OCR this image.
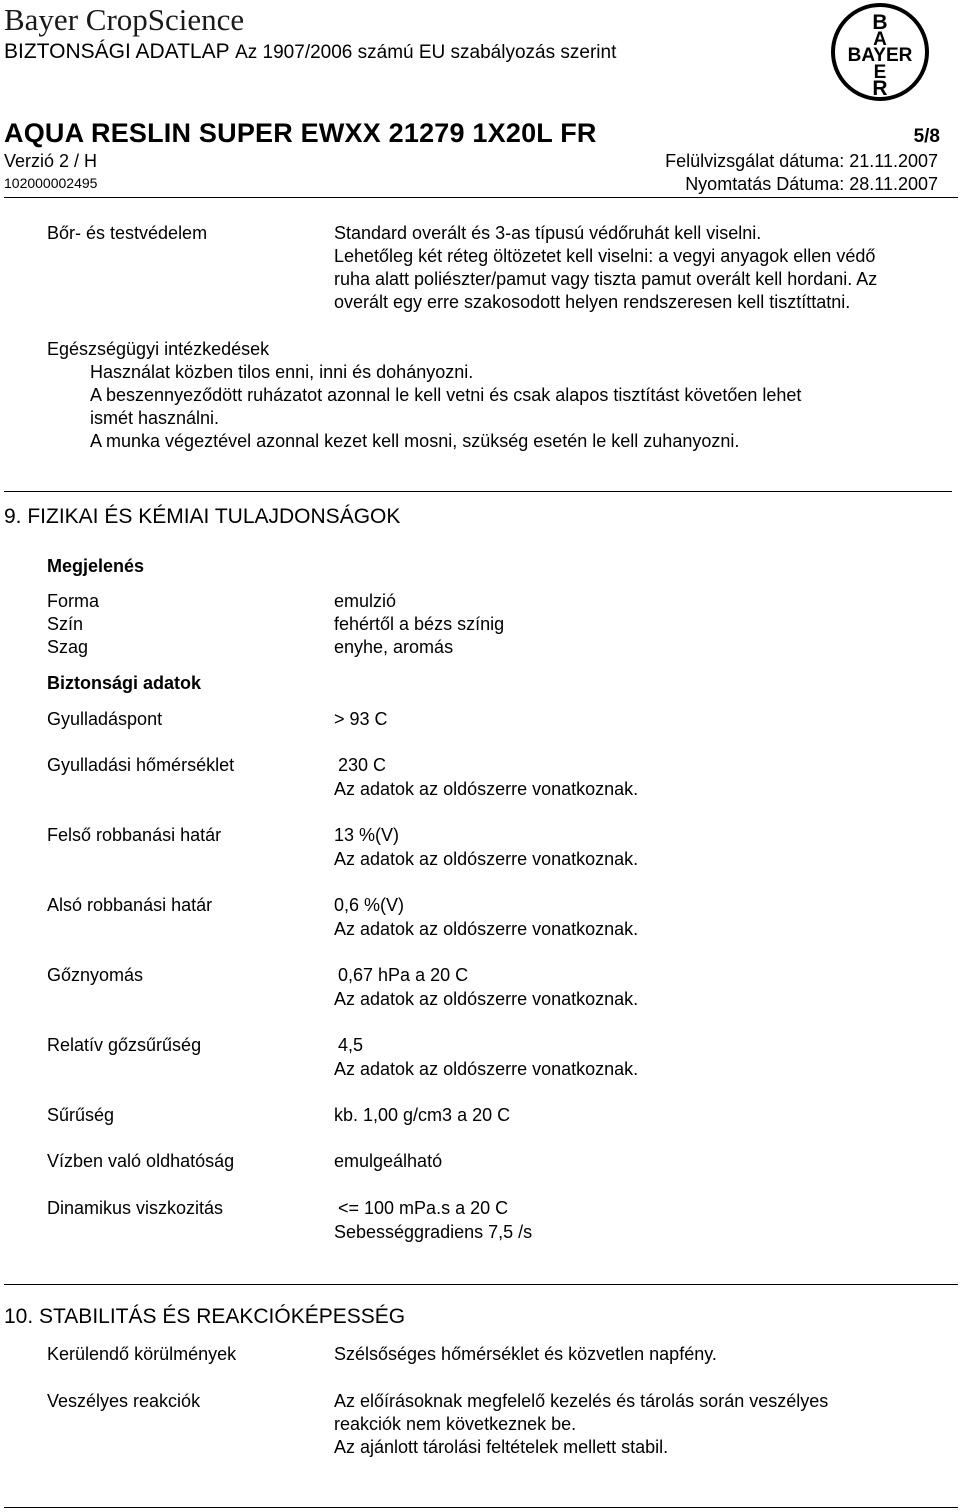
Bayer CropScience
BIZTONSÁGI ADATLAP Az 1907/2006 számú EU szabályozás szerint
B
A
BAYER
E
R
AQUA RESLIN SUPER EWXX 21279 1X20L FR	5/8
Verzió 2 / H	Felülvizsgálat dátuma: 21.11.2007
102000002495	Nyomtatás Dátuma: 28.11.2007
Bőr- és testvédelem	Standard overált és 3-as típusú védőruhát kell viselni.
Lehetőleg két réteg öltözetet kell viselni: a vegyi anyagok ellen védő
ruha alatt poliészter/pamut vagy tiszta pamut overált kell hordani. Az
overált egy erre szakosodott helyen rendszeresen kell tisztíttatni.
Egészségügyi intézkedések
Használat közben tilos enni, inni és dohányozni.
A beszennyeződött ruházatot azonnal le kell vetni és csak alapos tisztítást követően lehet
ismét használni.
A munka végeztével azonnal kezet kell mosni, szükség esetén le kell zuhanyozni.
9. FIZIKAI ÉS KÉMIAI TULAJDONSÁGOK
Megjelenés
Forma	emulzió
Szín	fehértől a bézs színig
Szag	enyhe, aromás
Biztonsági adatok
Gyulladáspont	> 93 C
Gyulladási hőmérséklet	230 C
Az adatok az oldószerre vonatkoznak.
Felső robbanási határ	13 %(V)
Az adatok az oldószerre vonatkoznak.
Alsó robbanási határ	0,6 %(V)
Az adatok az oldószerre vonatkoznak.
Gőznyomás	0,67 hPa a 20 C
Az adatok az oldószerre vonatkoznak.
Relatív gőzsűrűség	4,5
Az adatok az oldószerre vonatkoznak.
Sűrűség	kb. 1,00 g/cm3 a 20 C
Vízben való oldhatóság	emulgeálható
Dinamikus viszkozitás	<= 100 mPa.s a 20 C
Sebességgradiens 7,5 /s
10. STABILITÁS ÉS REAKCIÓKÉPESSÉG
Kerülendő körülmények	Szélsőséges hőmérséklet és közvetlen napfény.
Veszélyes reakciók	Az előírásoknak megfelelő kezelés és tárolás során veszélyes
reakciók nem következnek be.
Az ajánlott tárolási feltételek mellett stabil.
